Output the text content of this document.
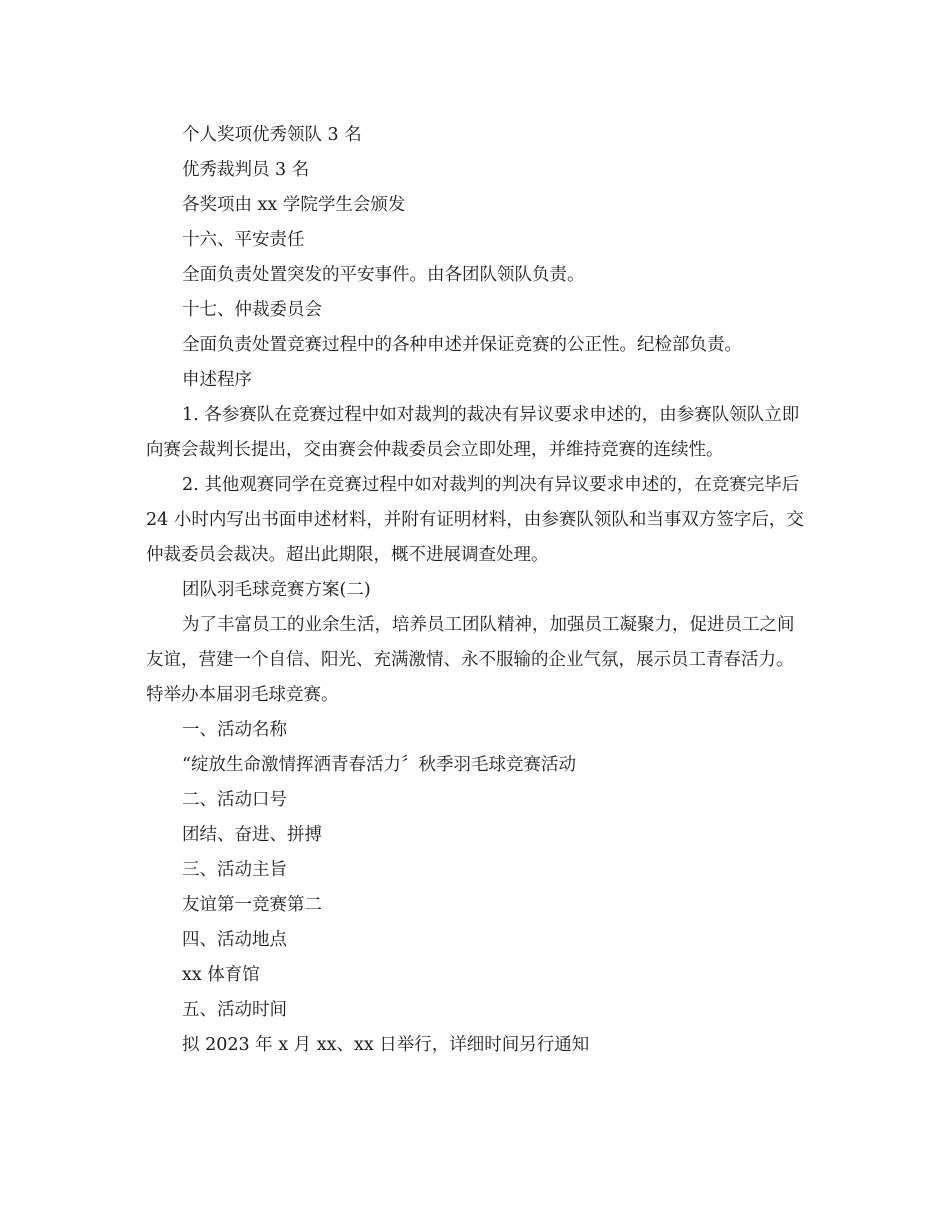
个人奖项优秀领队 3 名

优秀裁判员 3 名

各奖项由 xx 学院学生会颁发

十六、平安责任

全面负责处置突发的平安事件。由各团队领队负责。

十七、仲裁委员会

全面负责处置竞赛过程中的各种申述并保证竞赛的公正性。纪检部负责。

申述程序

1. 各参赛队在竞赛过程中如对裁判的裁决有异议要求申述的，由参赛队领队立即向赛会裁判长提出，交由赛会仲裁委员会立即处理，并维持竞赛的连续性。

2. 其他观赛同学在竞赛过程中如对裁判的判决有异议要求申述的，在竞赛完毕后 24 小时内写出书面申述材料，并附有证明材料，由参赛队领队和当事双方签字后，交仲裁委员会裁决。超出此期限，概不进展调查处理。

团队羽毛球竞赛方案(二)

为了丰富员工的业余生活，培养员工团队精神，加强员工凝聚力，促进员工之间友谊，营建一个自信、阳光、充满激情、永不服输的企业气氛，展示员工青春活力。特举办本届羽毛球竞赛。

一、活动名称

“绽放生命激情挥洒青春活力〞秋季羽毛球竞赛活动

二、活动口号

团结、奋进、拼搏

三、活动主旨

友谊第一竞赛第二

四、活动地点

xx 体育馆

五、活动时间

拟 2023 年 x 月 xx、xx 日举行，详细时间另行通知
